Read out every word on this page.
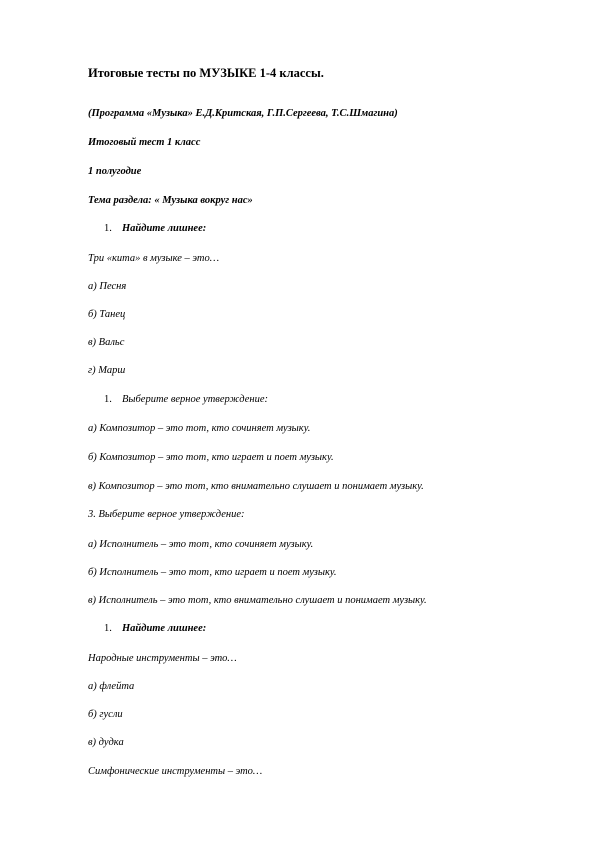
Итоговые тесты по МУЗЫКЕ 1-4 классы.
(Программа «Музыка» Е.Д.Критская, Г.П.Сергеева, Т.С.Шмагина)
Итоговый тест 1 класс
1 полугодие
Тема раздела: « Музыка вокруг нас»
1. Найдите лишнее:
Три «кита» в музыке – это…
а) Песня
б) Танец
в) Вальс
г) Марш
1. Выберите верное утверждение:
а) Композитор – это тот, кто сочиняет музыку.
б) Композитор – это тот, кто играет и поет музыку.
в) Композитор – это тот, кто внимательно слушает и понимает музыку.
3. Выберите верное утверждение:
а) Исполнитель – это тот, кто сочиняет музыку.
б) Исполнитель – это тот, кто играет и поет музыку.
в) Исполнитель – это тот, кто внимательно слушает и понимает музыку.
1. Найдите лишнее:
Народные инструменты – это…
а) флейта
б) гусли
в) дудка
Симфонические инструменты – это…
